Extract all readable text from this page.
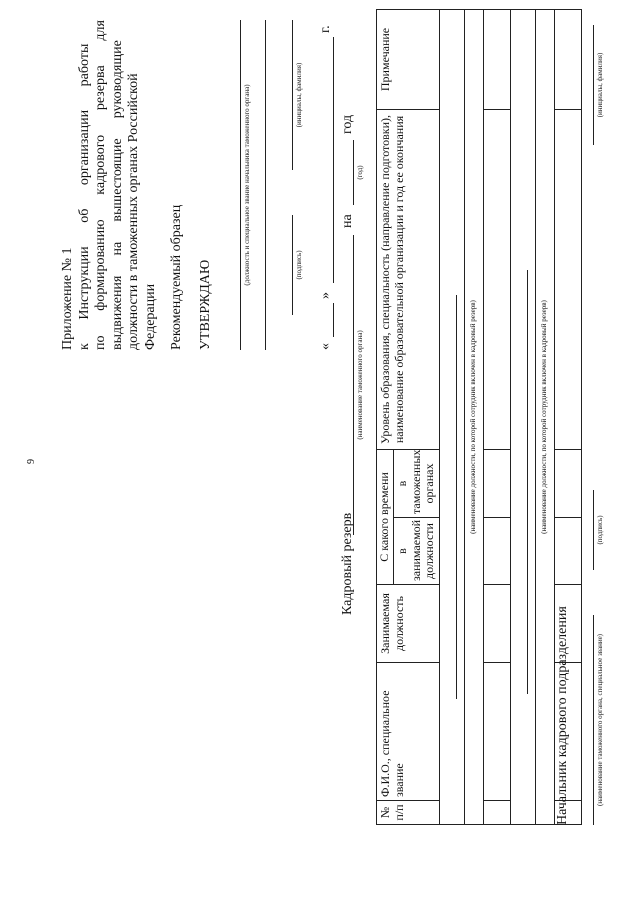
9
Приложение № 1 к
Инструкции
об
организации
работы
по
формированию
кадрового
резерва
для
выдвижения
на
вышестоящие
руководящие должности в таможенных органах Российской Федерации Рекомендуемый образец УТВЕРЖДАЮ
(должность и специальное звание начальника таможенного органа)	(подпись)
(инициалы, фамилия)
«
»
г.
Кадровый резерв
(наименование таможенного органа)
на
(год)
год
№ п/п	Ф.И.О., специальное звание	Занимаемая должность	С какого времени		Уровень образования, специальность (направление подготовки), наименование образовательной организации и год ее окончания	Примечание
			в занимаемой должности	в таможенных органах		

(наименование должности, по которой сотрудник включен в кадровый резерв)						

(наименование должности, по которой сотрудник включен в кадровый резерв)						

Начальник кадрового подразделения	(наименование таможенного органа, специальное звание)
(подпись)
(инициалы, фамилия)
